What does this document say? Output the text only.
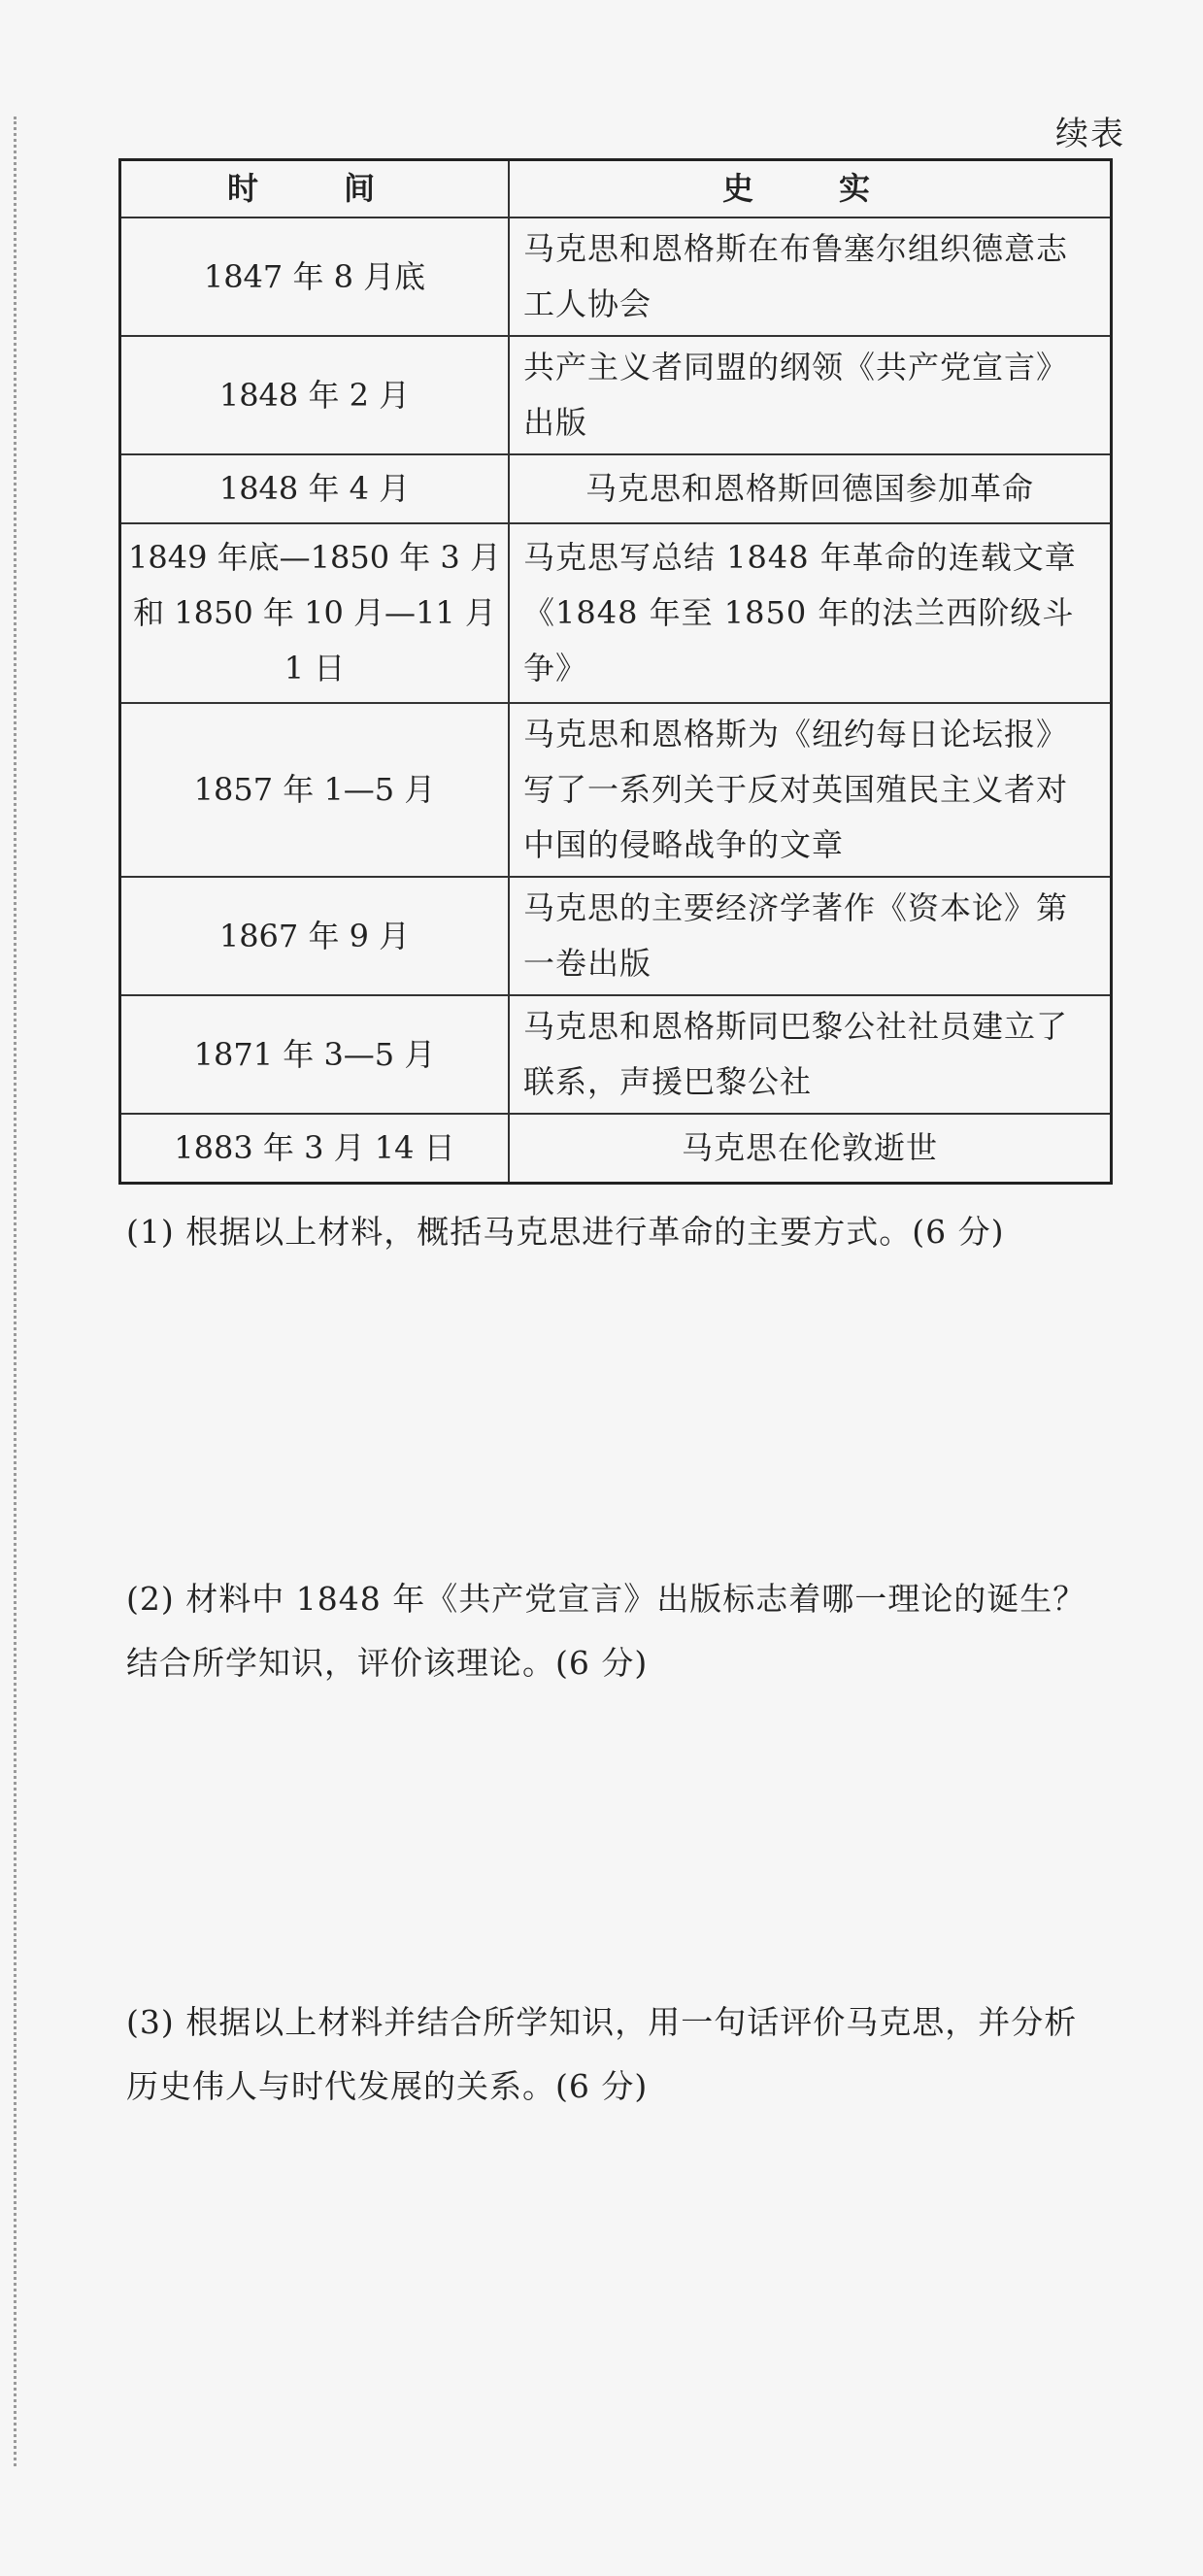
续表
时　间	史　实
1847 年 8 月底	马克思和恩格斯在布鲁塞尔组织德意志工人协会
1848 年 2 月	共产主义者同盟的纲领《共产党宣言》出版
1848 年 4 月	马克思和恩格斯回德国参加革命
1849 年底—1850 年 3 月和 1850 年 10 月—11 月 1 日	马克思写总结 1848 年革命的连载文章《1848 年至 1850 年的法兰西阶级斗争》
1857 年 1—5 月	马克思和恩格斯为《纽约每日论坛报》写了一系列关于反对英国殖民主义者对中国的侵略战争的文章
1867 年 9 月	马克思的主要经济学著作《资本论》第一卷出版
1871 年 3—5 月	马克思和恩格斯同巴黎公社社员建立了联系，声援巴黎公社
1883 年 3 月 14 日	马克思在伦敦逝世
(1) 根据以上材料，概括马克思进行革命的主要方式。(6 分)
(2) 材料中 1848 年《共产党宣言》出版标志着哪一理论的诞生？结合所学知识，评价该理论。(6 分)
(3) 根据以上材料并结合所学知识，用一句话评价马克思，并分析历史伟人与时代发展的关系。(6 分)
